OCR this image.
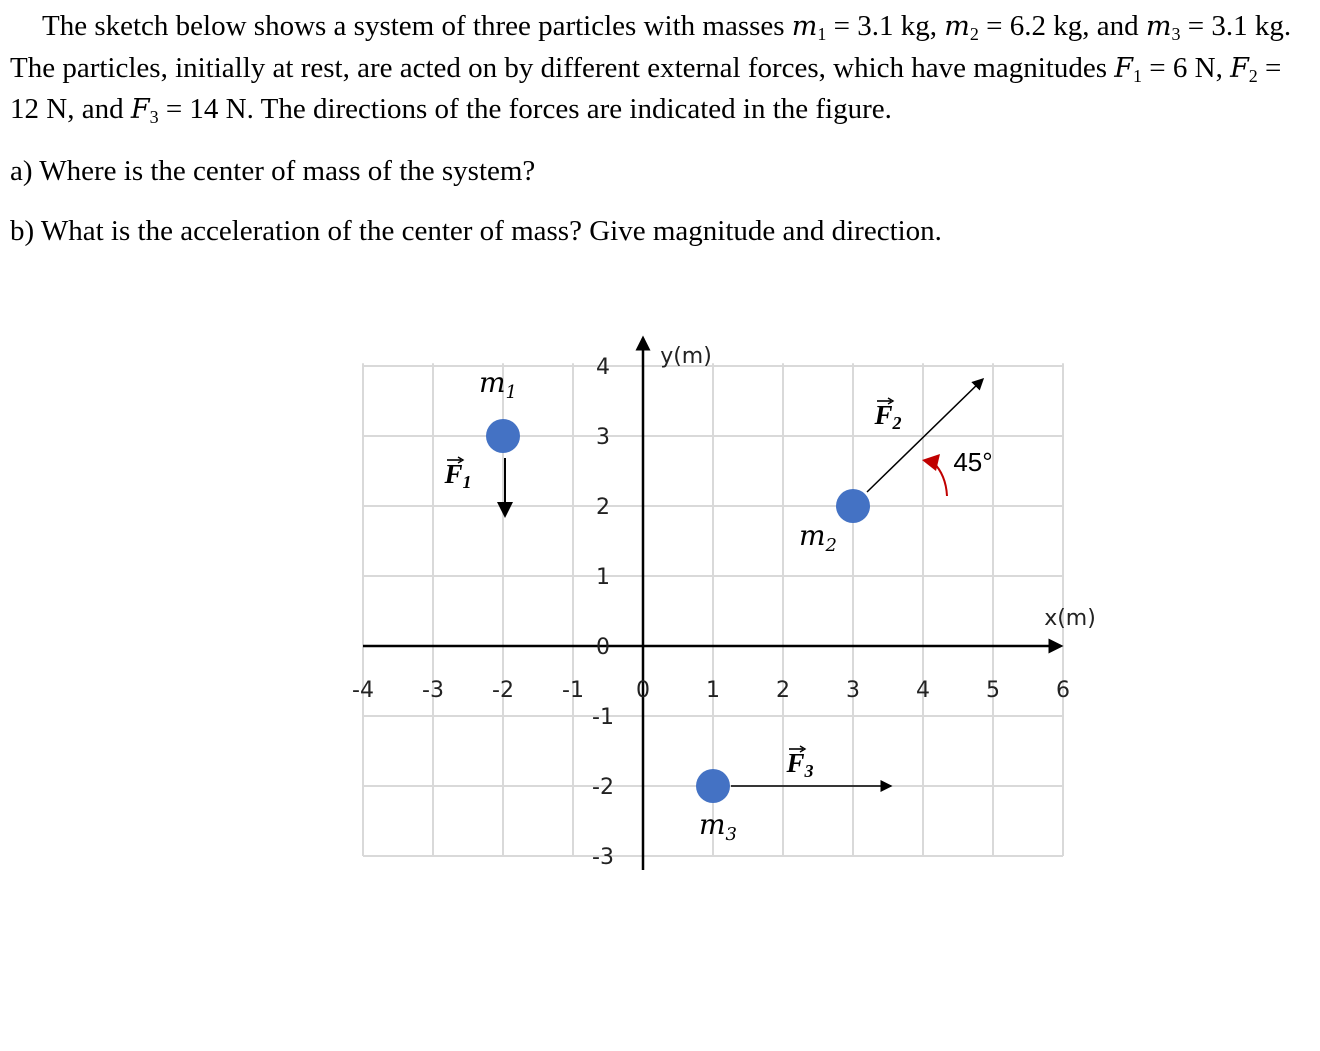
The sketch below shows a system of three particles with masses $m_1 = 3.1$ kg, $m_2 = 6.2$ kg, and $m_3 = 3.1$ kg. The particles, initially at rest, are acted on by different external forces, which have magnitudes $F_1 = 6$ N, $F_2 = 12$ N, and $F_3 = 14$ N. The directions of the forces are indicated in the figure.

a) Where is the center of mass of the system?

b) What is the acceleration of the center of mass? Give magnitude and direction.

-4 -3 -2 -1 0	1	2	3	4	5	6
4
3
2
1
0
-1
-2
-3
x(m)
y(m)
$m_1$
$m_2$
$m_3$
F1
F2
F3
45°
